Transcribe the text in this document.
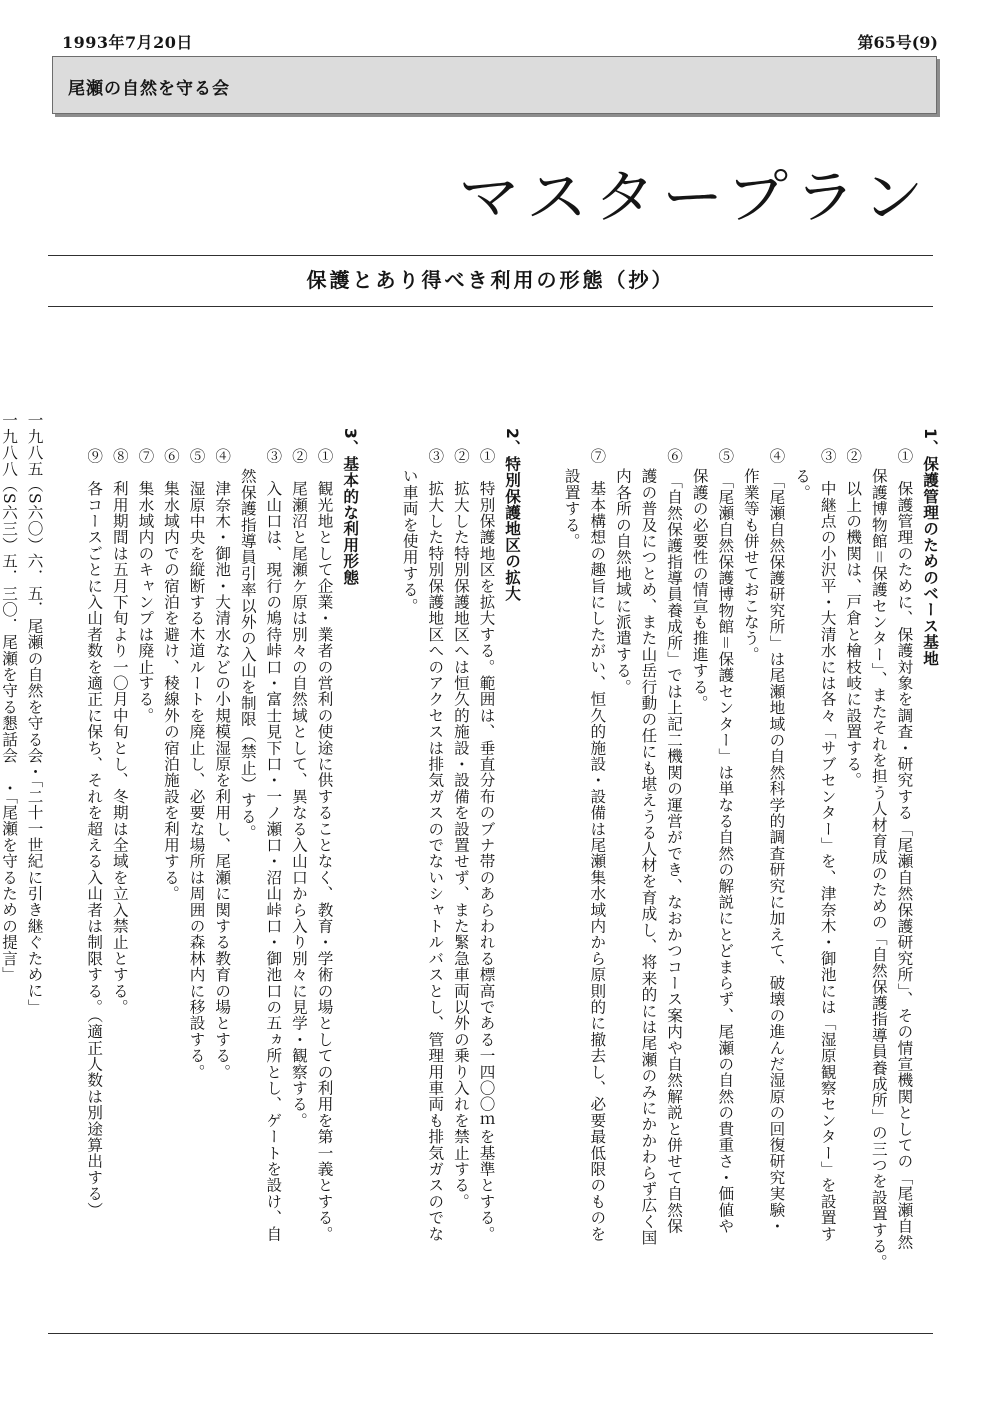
1993年7月20日	第65号(9)
尾瀬の自然を守る会
マスタープラン
保護とあり得べき利用の形態（抄）
1、保護管理のためのベース基地
①　保護管理のために、保護対象を調査・研究する「尾瀬自然保護研究所」、その情宣機関としての「尾瀬自然
保護博物館＝保護センター」、またそれを担う人材育成のための「自然保護指導員養成所」の三つを設置する。
②　以上の機関は、戸倉と檜枝岐に設置する。
③　中継点の小沢平・大清水には各々「サブセンター」を、津奈木・御池には「湿原観察センター」を設置す
る。
④　「尾瀬自然保護研究所」は尾瀬地域の自然科学的調査研究に加えて、破壊の進んだ湿原の回復研究実験・
作業等も併せておこなう。
⑤　「尾瀬自然保護博物館＝保護センター」は単なる自然の解説にとどまらず、尾瀬の自然の貴重さ・価値や
保護の必要性の情宣も推進する。
⑥　「自然保護指導員養成所」では上記二機関の運営ができ、なおかつコース案内や自然解説と併せて自然保
護の普及につとめ、また山岳行動の任にも堪えうる人材を育成し、将来的には尾瀬のみにかかわらず広く国
内各所の自然地域に派遣する。
⑦　基本構想の趣旨にしたがい、恒久的施設・設備は尾瀬集水域内から原則的に撤去し、必要最低限のものを
設置する。
2、特別保護地区の拡大
①　特別保護地区を拡大する。範囲は、垂直分布のブナ帯のあらわれる標高である一四〇〇ｍを基準とする。
②　拡大した特別保護地区へは恒久的施設・設備を設置せず、また緊急車両以外の乗り入れを禁止する。
③　拡大した特別保護地区へのアクセスは排気ガスのでないシャトルバスとし、管理用車両も排気ガスのでな
い車両を使用する。
3、基本的な利用形態
①　観光地として企業・業者の営利の使途に供することなく、教育・学術の場としての利用を第一義とする。
②　尾瀬沼と尾瀬ケ原は別々の自然域として、異なる入山口から入り別々に見学・観察する。
③　入山口は、現行の鳩待峠口・富士見下口・一ノ瀬口・沼山峠口・御池口の五ヵ所とし、ゲートを設け、自
然保護指導員引率以外の入山を制限（禁止）する。
④　津奈木・御池・大清水などの小規模湿原を利用し、尾瀬に関する教育の場とする。
⑤　湿原中央を縦断する木道ルートを廃止し、必要な場所は周囲の森林内に移設する。
⑥　集水域内での宿泊を避け、稜線外の宿泊施設を利用する。
⑦　集水域内のキャンプは廃止する。
⑧　利用期間は五月下旬より一〇月中旬とし、冬期は全域を立入禁止とする。
⑨　各コースごとに入山者数を適正に保ち、それを超える入山者は制限する。（適正人数は別途算出する）
一九八五（S六〇）六．五．尾瀬の自然を守る会・「二十一世紀に引き継ぐために」
一九八八（S六三）五．三〇．尾瀬を守る懇話会　・「尾瀬を守るための提言」
